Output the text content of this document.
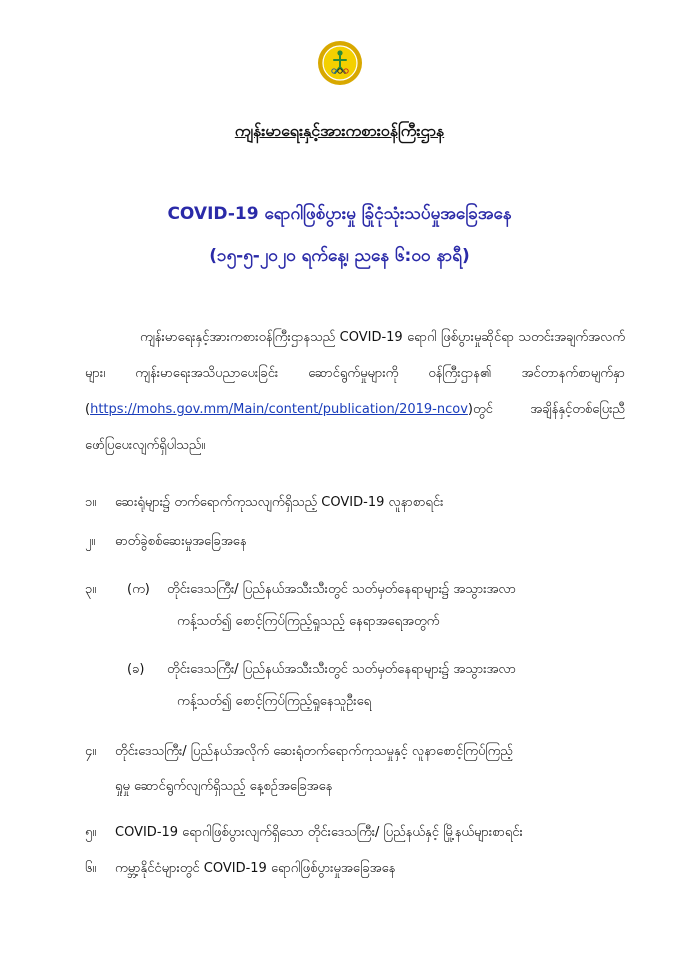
ကျန်းမာရေးနှင့်အားကစားဝန်ကြီးဌာန
COVID-19 ရောဂါဖြစ်ပွားမှု ခြုံငုံသုံးသပ်မှုအခြေအနေ
(၁၅-၅-၂၀၂၀ ရက်နေ့၊ ညနေ ၆:၀၀ နာရီ)
ကျန်းမာရေးနှင့်အားကစားဝန်ကြီးဌာနသည် COVID-19 ရောဂါ ဖြစ်ပွားမှုဆိုင်ရာ သတင်းအချက်အလက်များ၊ ကျန်းမာရေးအသိပညာပေးခြင်း ဆောင်ရွက်မှုများကို ဝန်ကြီးဌာန၏ အင်တာနက်စာမျက်နှာ (https://mohs.gov.mm/Main/content/publication/2019-ncov)တွင် အချိန်နှင့်တစ်ပြေးညီ ဖော်ပြပေးလျက်ရှိပါသည်။
၁။ ဆေးရုံများ၌ တက်ရောက်ကုသလျက်ရှိသည့် COVID-19 လူနာစာရင်း
၂။ ဓာတ်ခွဲစစ်ဆေးမှုအခြေအနေ
၃။ (က) တိုင်းဒေသကြီး/ ပြည်နယ်အသီးသီးတွင် သတ်မှတ်နေရာများ၌ အသွားအလာ
ကန့်သတ်၍ စောင့်ကြပ်ကြည့်ရှုသည့် နေရာအရေအတွက်
(ခ) တိုင်းဒေသကြီး/ ပြည်နယ်အသီးသီးတွင် သတ်မှတ်နေရာများ၌ အသွားအလာ
ကန့်သတ်၍ စောင့်ကြပ်ကြည့်ရှုနေသူဦးရေ
၄။ တိုင်းဒေသကြီး/ ပြည်နယ်အလိုက် ဆေးရုံတက်ရောက်ကုသမှုနှင့် လူနာစောင့်ကြပ်ကြည့်
ရှုမှု ဆောင်ရွက်လျက်ရှိသည့် နေ့စဉ်အခြေအနေ
၅။ COVID-19 ရောဂါဖြစ်ပွားလျက်ရှိသော တိုင်းဒေသကြီး/ ပြည်နယ်နှင့် မြို့နယ်များစာရင်း
၆။ ကမ္ဘာ့နိုင်ငံများတွင် COVID-19 ရောဂါဖြစ်ပွားမှုအခြေအနေ
